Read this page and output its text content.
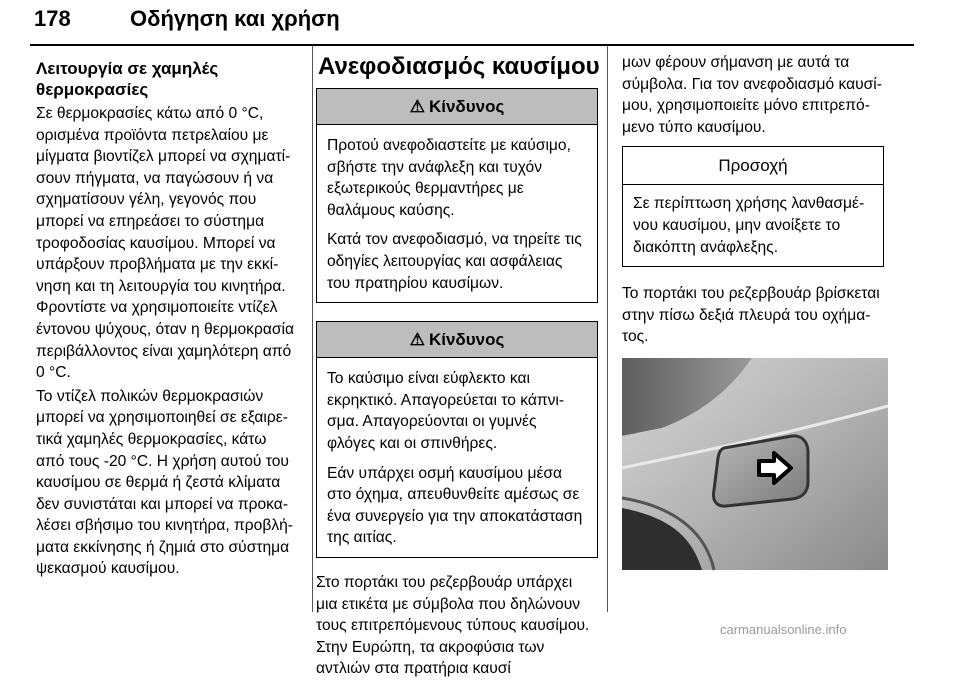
178	Οδήγηση και χρήση
Λειτουργία σε χαμηλές θερμοκρασίες

Σε θερμοκρασίες κάτω από 0 °C, ορισμένα προϊόντα πετρελαίου με μίγματα βιοντίζελ μπορεί να σχηματίσουν πήγματα, να παγώσουν ή να σχηματίσουν γέλη, γεγονός που μπορεί να επηρεάσει το σύστημα τροφοδοσίας καυσίμου. Μπορεί να υπάρξουν προβλήματα με την εκκίνηση και τη λειτουργία του κινητήρα. Φροντίστε να χρησιμοποιείτε ντίζελ έντονου ψύχους, όταν η θερμοκρασία περιβάλλοντος είναι χαμηλότερη από 0 °C.

Το ντίζελ πολικών θερμοκρασιών μπορεί να χρησιμοποιηθεί σε εξαιρετικά χαμηλές θερμοκρασίες, κάτω από τους -20 °C. Η χρήση αυτού του καυσίμου σε θερμά ή ζεστά κλίματα δεν συνιστάται και μπορεί να προκαλέσει σβήσιμο του κινητήρα, προβλήματα εκκίνησης ή ζημιά στο σύστημα ψεκασμού καυσίμου.

Ανεφοδιασμός καυσίμου
⚠ Κίνδυνος

Προτού ανεφοδιαστείτε με καύσιμο, σβήστε την ανάφλεξη και τυχόν εξωτερικούς θερμαντήρες με θαλάμους καύσης.

Κατά τον ανεφοδιασμό, να τηρείτε τις οδηγίες λειτουργίας και ασφάλειας του πρατηρίου καυσίμων.

⚠ Κίνδυνος

Το καύσιμο είναι εύφλεκτο και εκρηκτικό. Απαγορεύεται το κάπνισμα. Απαγορεύονται οι γυμνές φλόγες και οι σπινθήρες.

Εάν υπάρχει οσμή καυσίμου μέσα στο όχημα, απευθυνθείτε αμέσως σε ένα συνεργείο για την αποκατάσταση της αιτίας.

Στο πορτάκι του ρεζερβουάρ υπάρχει μια ετικέτα με σύμβολα που δηλώνουν τους επιτρεπόμενους τύπους καυσίμου. Στην Ευρώπη, τα ακροφύσια των αντλιών στα πρατήρια καυσί

μων φέρουν σήμανση με αυτά τα σύμβολα. Για τον ανεφοδιασμό καυσίμου, χρησιμοποιείτε μόνο επιτρεπόμενο τύπο καυσίμου.

Προσοχή

Σε περίπτωση χρήσης λανθασμένου καυσίμου, μην ανοίξετε το διακόπτη ανάφλεξης.

Το πορτάκι του ρεζερβουάρ βρίσκεται στην πίσω δεξιά πλευρά του οχήματος.

carmanualsonline.info
